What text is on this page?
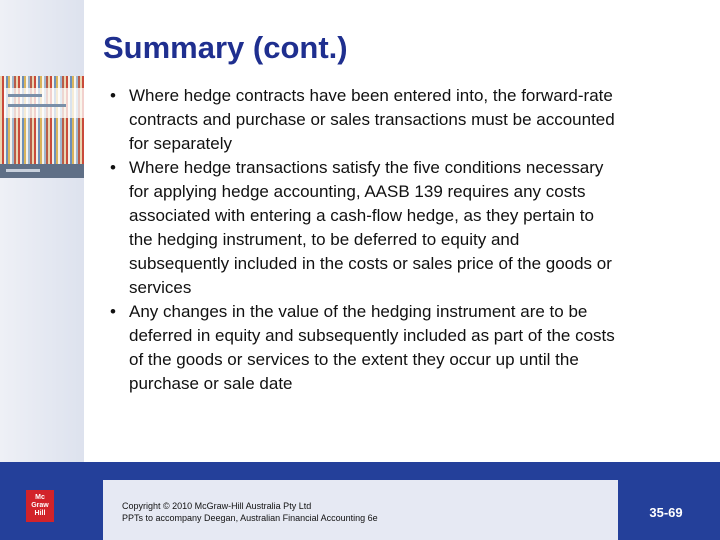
Summary (cont.)
• Where hedge contracts have been entered into, the forward-rate
contracts and purchase or sales transactions must be accounted
for separately
• Where hedge transactions satisfy the five conditions necessary
for applying hedge accounting, AASB 139 requires any costs
associated with entering a cash-flow hedge, as they pertain to
the hedging instrument, to be deferred to equity and
subsequently included in the costs or sales price of the goods or
services
• Any changes in the value of the hedging instrument are to be
deferred in equity and subsequently included as part of the costs
of the goods or services to the extent they occur up until the
purchase or sale date
Copyright © 2010 McGraw-Hill Australia Pty Ltd
PPTs to accompany Deegan, Australian Financial Accounting 6e	35-69
Mc
Graw
Hill
